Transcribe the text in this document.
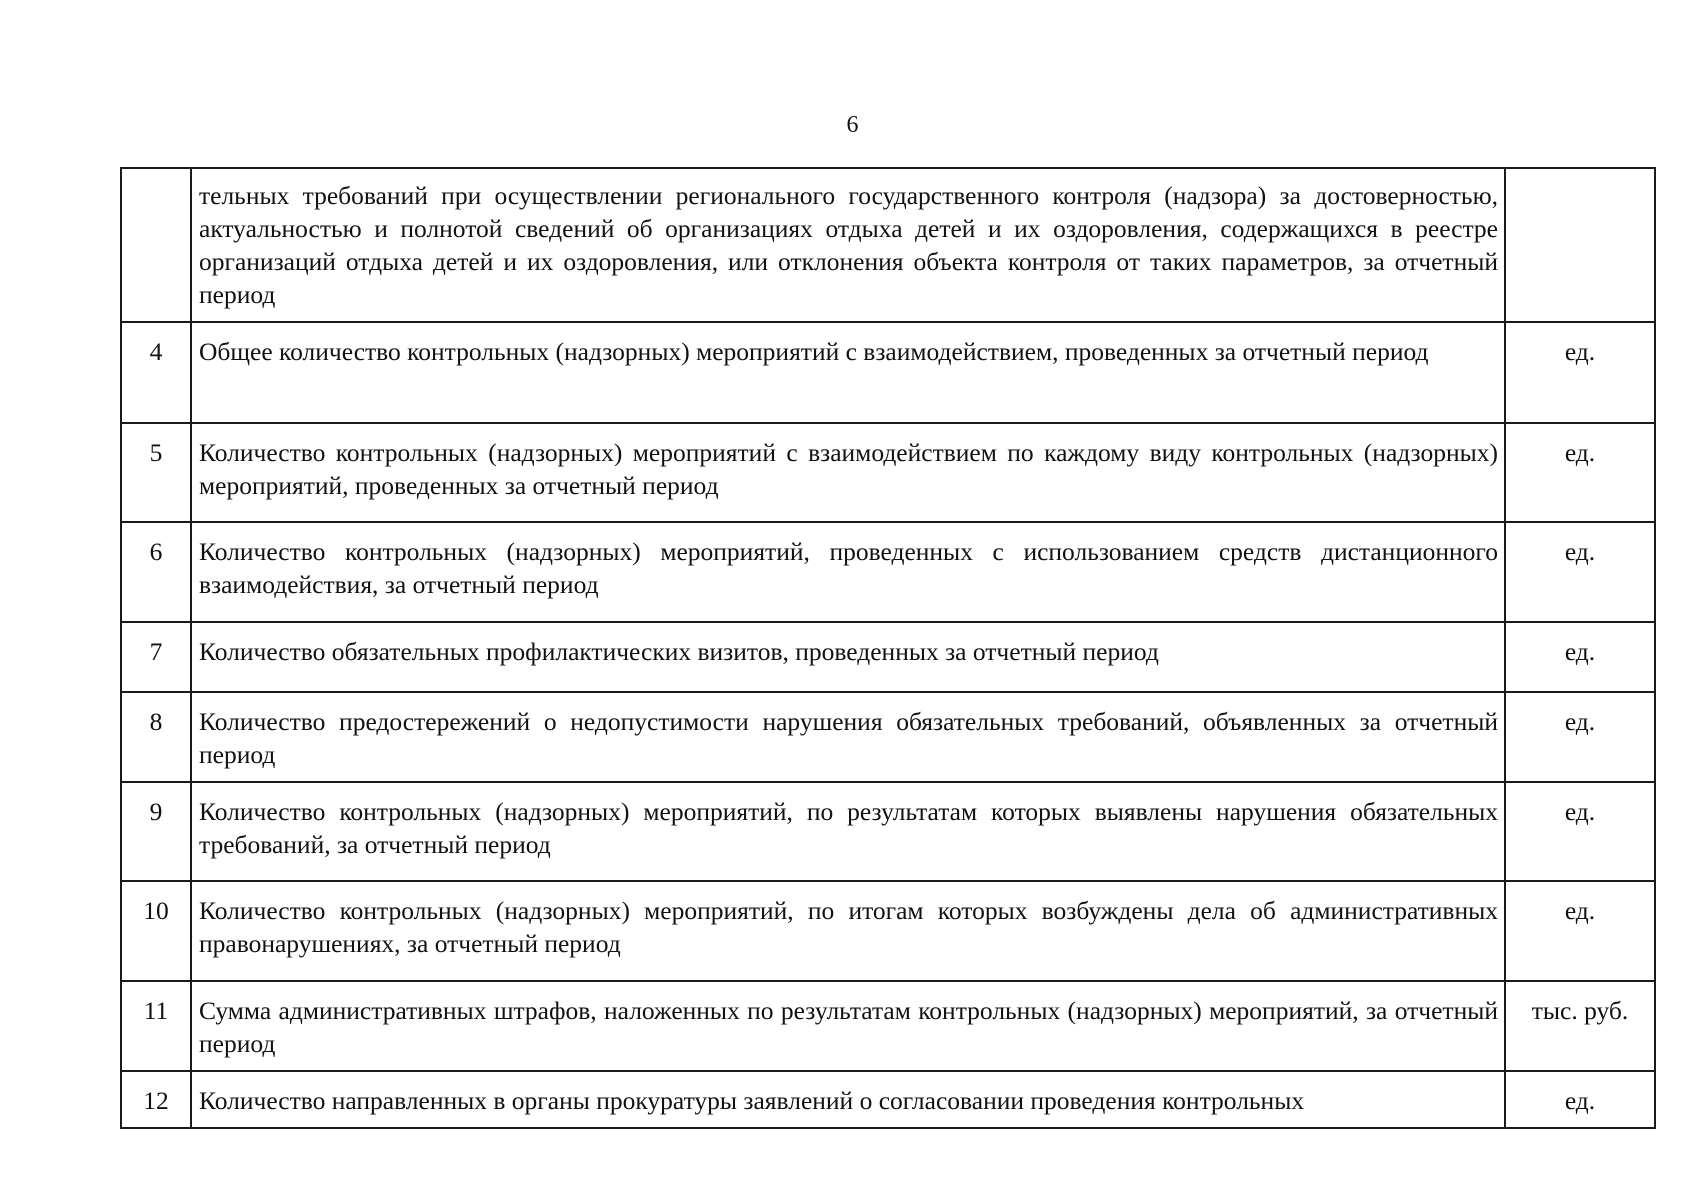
6
	тельных требований при осуществлении регионального государственного контроля (надзора) за достоверностью, актуальностью и полнотой сведений об организациях отдыха детей и их оздоровления, содержащихся в реестре организаций отдыха детей и их оздоровления, или отклонения объекта контроля от таких параметров, за отчетный период	
4	Общее количество контрольных (надзорных) мероприятий с взаимодействием, проведенных за отчетный период	ед.
5	Количество контрольных (надзорных) мероприятий с взаимодействием по каждому виду контрольных (надзорных) мероприятий, проведенных за отчетный период	ед.
6	Количество контрольных (надзорных) мероприятий, проведенных с использованием средств дистанционного взаимодействия, за отчетный период	ед.
7	Количество обязательных профилактических визитов, проведенных за отчетный период	ед.
8	Количество предостережений о недопустимости нарушения обязательных требований, объявленных за отчетный период	ед.
9	Количество контрольных (надзорных) мероприятий, по результатам которых выявлены нарушения обязательных требований, за отчетный период	ед.
10	Количество контрольных (надзорных) мероприятий, по итогам которых возбуждены дела об административных правонарушениях, за отчетный период	ед.
11	Сумма административных штрафов, наложенных по результатам контрольных (надзорных) мероприятий, за отчетный период	тыс. руб.
12	Количество направленных в органы прокуратуры заявлений о согласовании проведения контрольных	ед.
